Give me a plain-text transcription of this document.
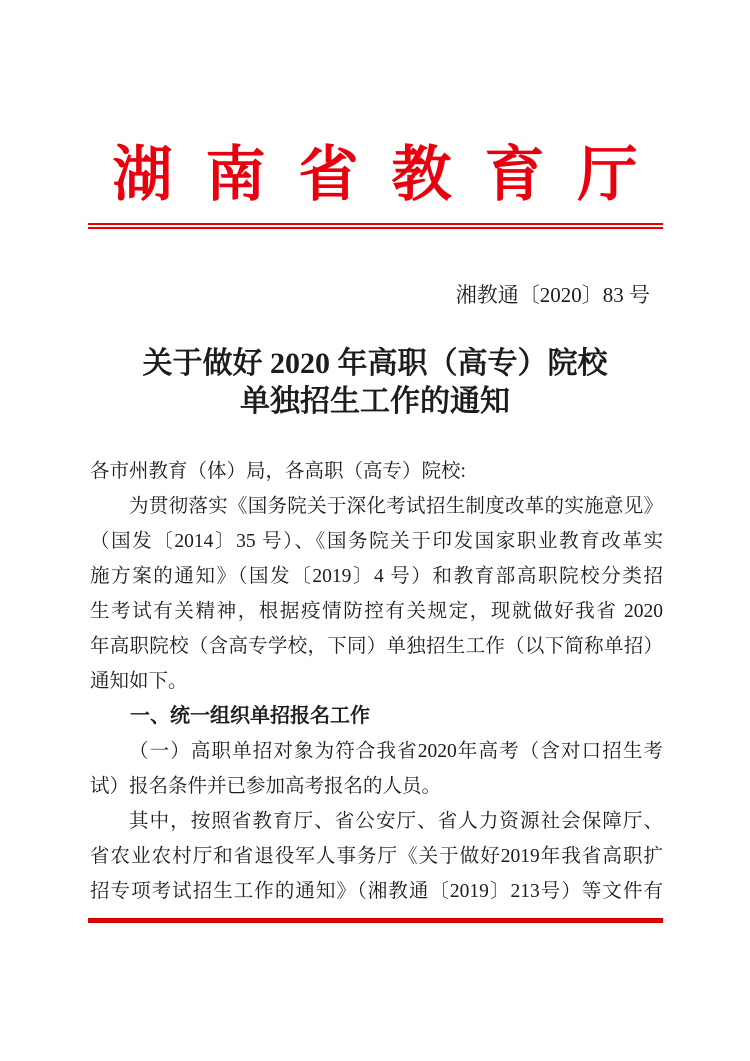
湖南省教育厅
湘教通〔2020〕83 号
关于做好 2020 年高职（高专）院校
单独招生工作的通知
各市州教育（体）局，各高职（高专）院校:
为贯彻落实《国务院关于深化考试招生制度改革的实施意见》
（国发〔2014〕35 号）、《国务院关于印发国家职业教育改革实
施方案的通知》（国发〔2019〕4 号）和教育部高职院校分类招
生考试有关精神，根据疫情防控有关规定，现就做好我省 2020
年高职院校（含高专学校，下同）单独招生工作（以下简称单招）
通知如下。
一、统一组织单招报名工作
（一）高职单招对象为符合我省2020年高考（含对口招生考
试）报名条件并已参加高考报名的人员。
其中，按照省教育厅、省公安厅、省人力资源社会保障厅、
省农业农村厅和省退役军人事务厅《关于做好2019年我省高职扩
招专项考试招生工作的通知》（湘教通〔2019〕213号）等文件有
